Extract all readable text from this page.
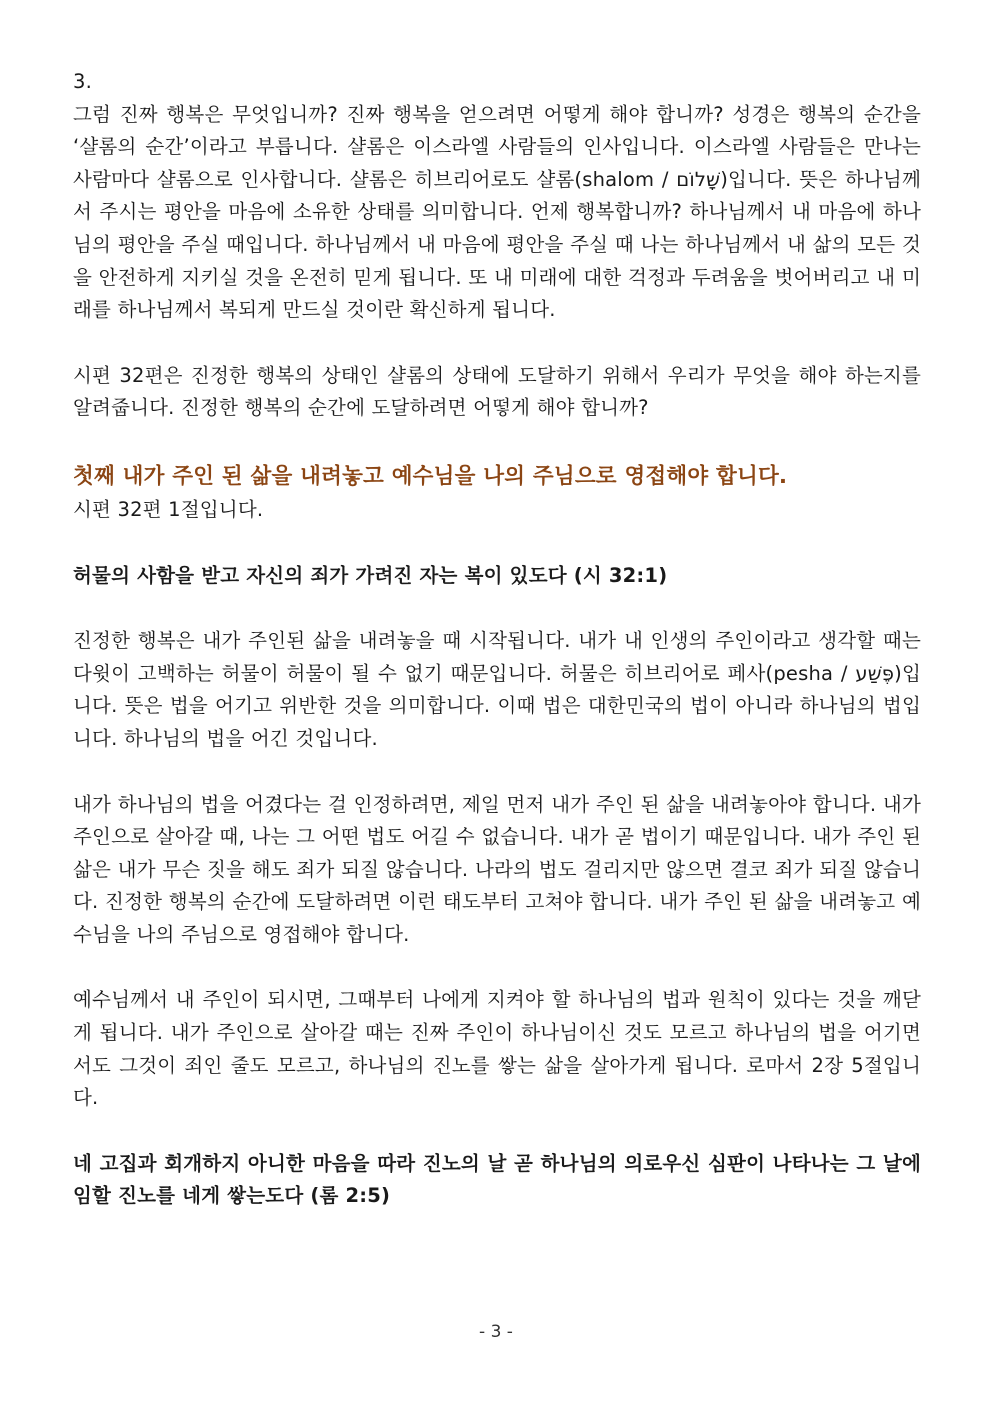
3.

그럼 진짜 행복은 무엇입니까? 진짜 행복을 얻으려면 어떻게 해야 합니까? 성경은 행복의 순간을 ‘샬롬의 순간’이라고 부릅니다. 샬롬은 이스라엘 사람들의 인사입니다. 이스라엘 사람들은 만나는 사람마다 샬롬으로 인사합니다. 샬롬은 히브리어로도 샬롬(shalom / שָׁלוֹם)입니다. 뜻은 하나님께서 주시는 평안을 마음에 소유한 상태를 의미합니다. 언제 행복합니까? 하나님께서 내 마음에 하나님의 평안을 주실 때입니다. 하나님께서 내 마음에 평안을 주실 때 나는 하나님께서 내 삶의 모든 것을 안전하게 지키실 것을 온전히 믿게 됩니다. 또 내 미래에 대한 걱정과 두려움을 벗어버리고 내 미래를 하나님께서 복되게 만드실 것이란 확신하게 됩니다.

시편 32편은 진정한 행복의 상태인 샬롬의 상태에 도달하기 위해서 우리가 무엇을 해야 하는지를 알려줍니다. 진정한 행복의 순간에 도달하려면 어떻게 해야 합니까?

첫째 내가 주인 된 삶을 내려놓고 예수님을 나의 주님으로 영접해야 합니다.

시편 32편 1절입니다.

허물의 사함을 받고 자신의 죄가 가려진 자는 복이 있도다 (시 32:1)

진정한 행복은 내가 주인된 삶을 내려놓을 때 시작됩니다. 내가 내 인생의 주인이라고 생각할 때는 다윗이 고백하는 허물이 허물이 될 수 없기 때문입니다. 허물은 히브리어로 페사(pesha / פֶּשַׁע)입니다. 뜻은 법을 어기고 위반한 것을 의미합니다. 이때 법은 대한민국의 법이 아니라 하나님의 법입니다. 하나님의 법을 어긴 것입니다.

내가 하나님의 법을 어겼다는 걸 인정하려면, 제일 먼저 내가 주인 된 삶을 내려놓아야 합니다. 내가 주인으로 살아갈 때, 나는 그 어떤 법도 어길 수 없습니다. 내가 곧 법이기 때문입니다. 내가 주인 된 삶은 내가 무슨 짓을 해도 죄가 되질 않습니다. 나라의 법도 걸리지만 않으면 결코 죄가 되질 않습니다. 진정한 행복의 순간에 도달하려면 이런 태도부터 고쳐야 합니다. 내가 주인 된 삶을 내려놓고 예수님을 나의 주님으로 영접해야 합니다.

예수님께서 내 주인이 되시면, 그때부터 나에게 지켜야 할 하나님의 법과 원칙이 있다는 것을 깨닫게 됩니다. 내가 주인으로 살아갈 때는 진짜 주인이 하나님이신 것도 모르고 하나님의 법을 어기면서도 그것이 죄인 줄도 모르고, 하나님의 진노를 쌓는 삶을 살아가게 됩니다. 로마서 2장 5절입니다.

네 고집과 회개하지 아니한 마음을 따라 진노의 날 곧 하나님의 의로우신 심판이 나타나는 그 날에 임할 진노를 네게 쌓는도다 (롬 2:5)

- 3 -
